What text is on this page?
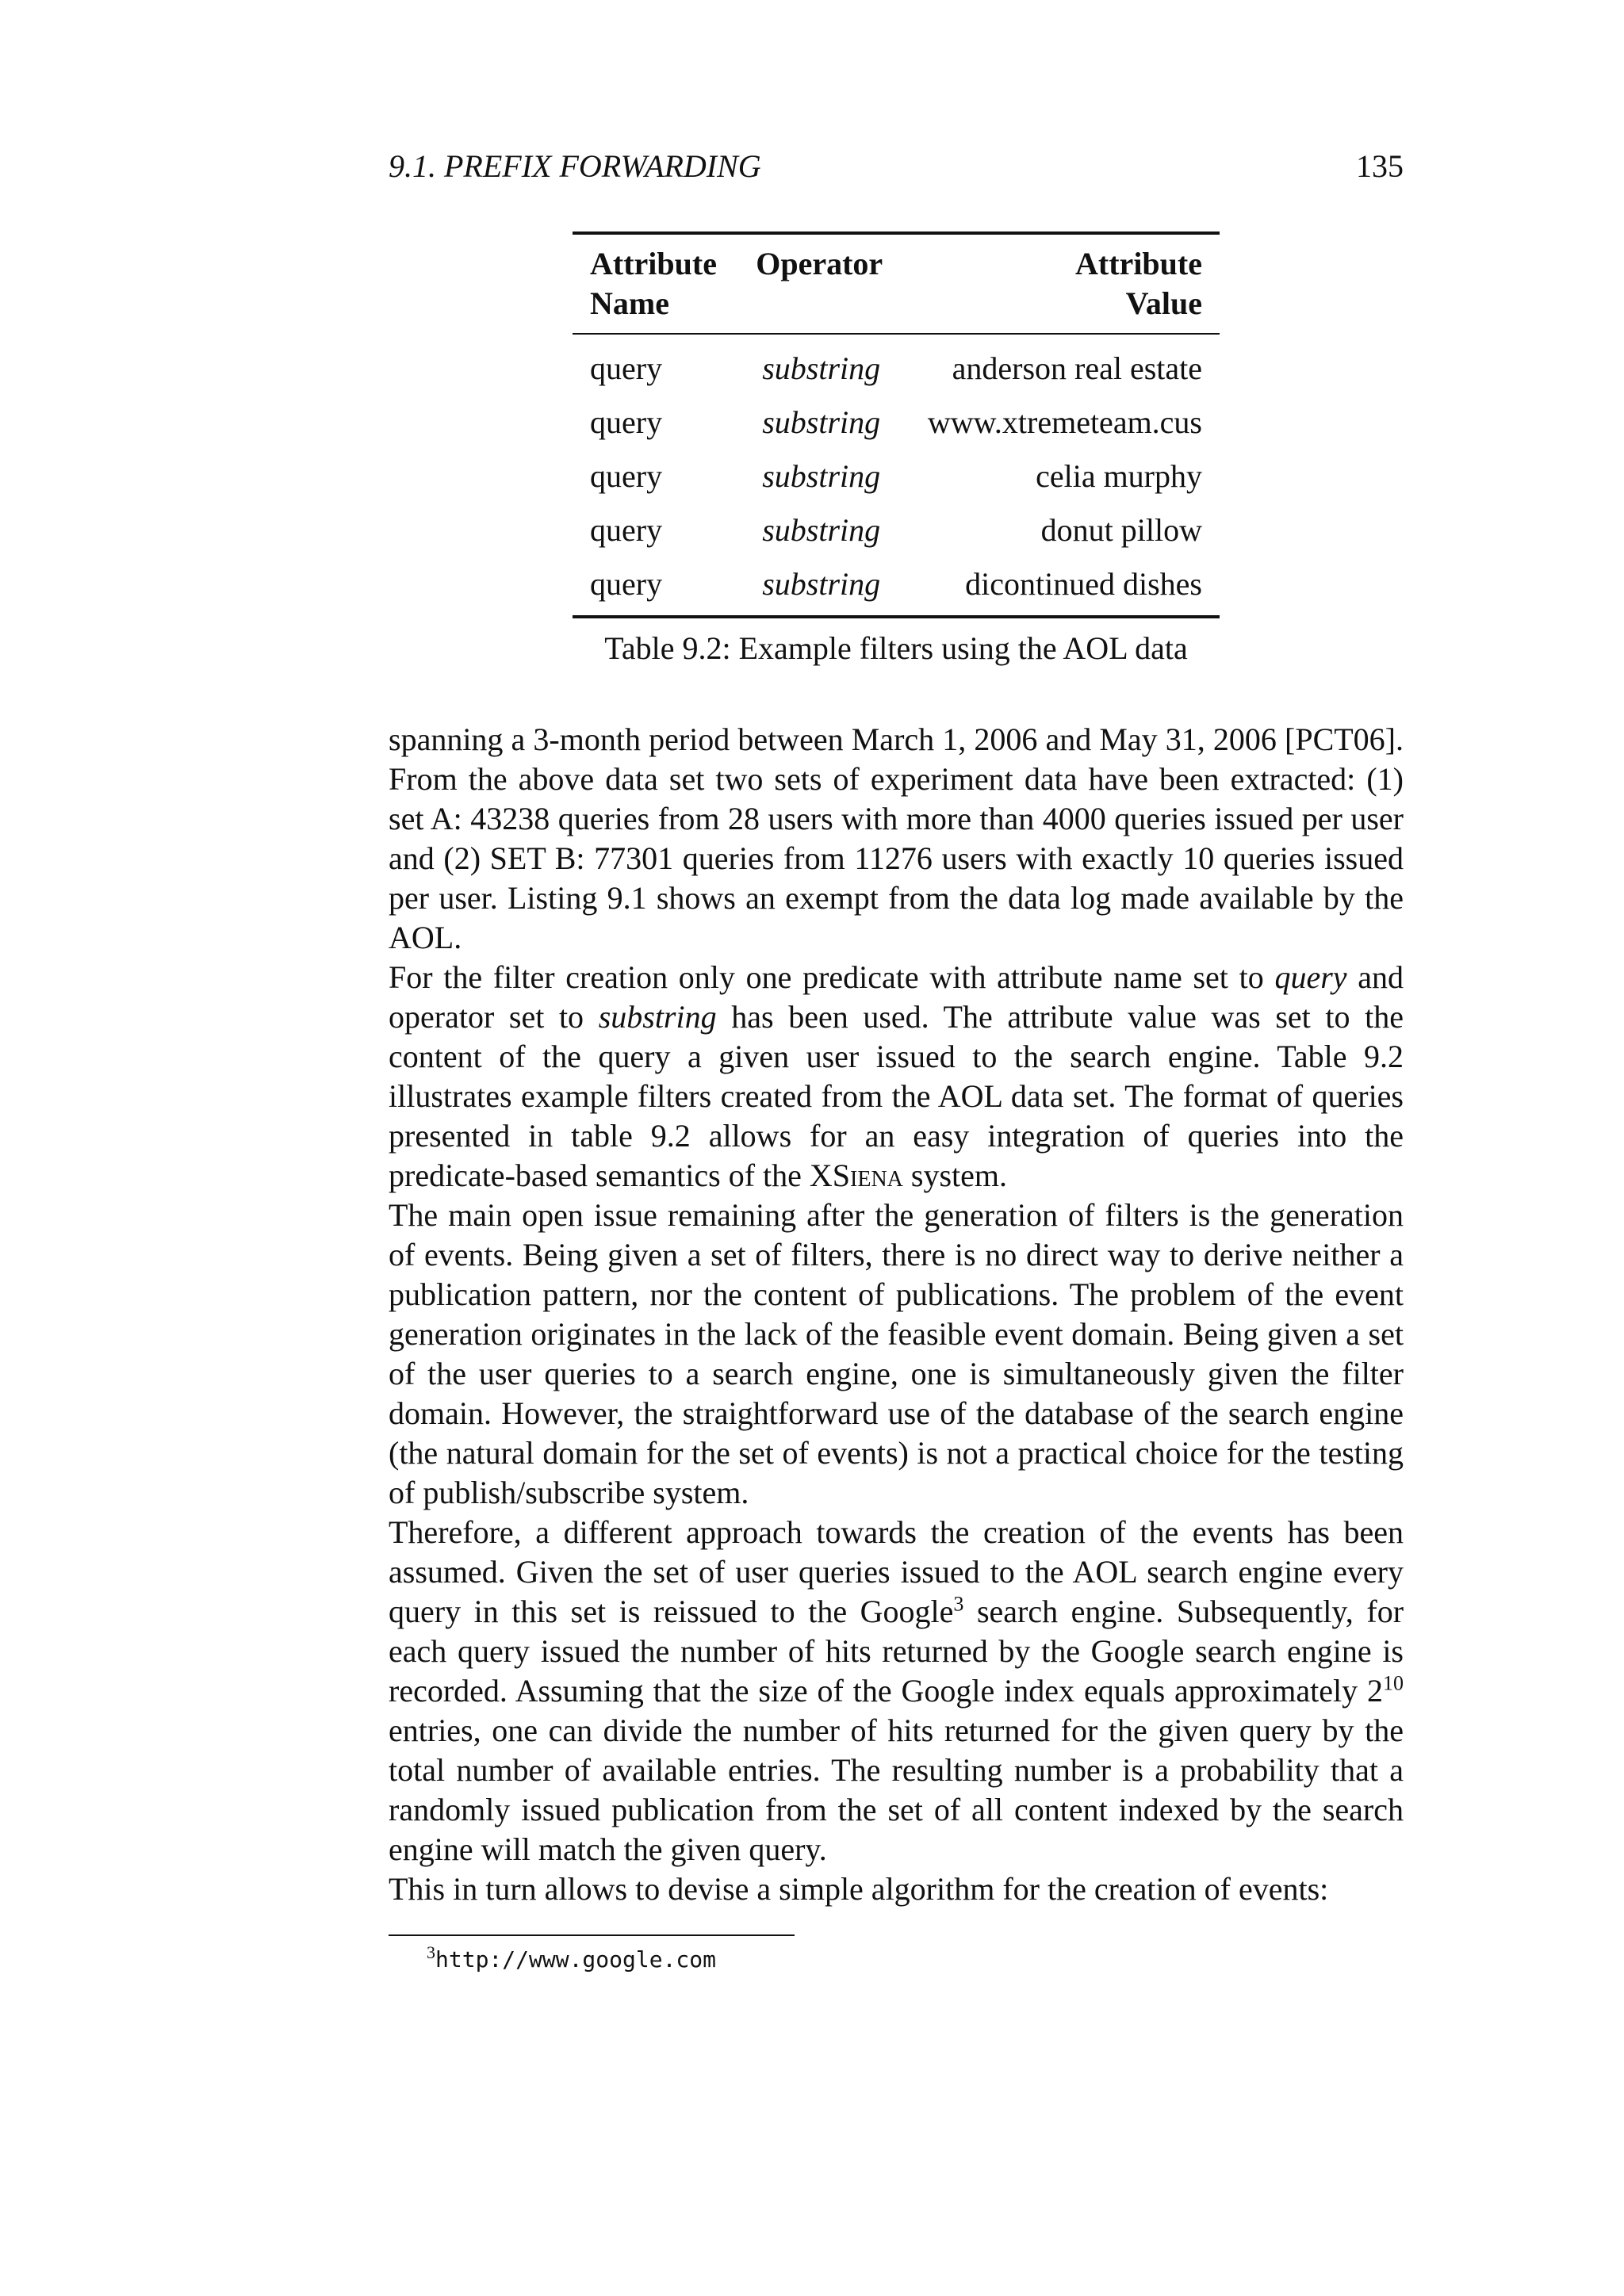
9.1. PREFIX FORWARDING	135
Attribute
Name	Operator	Attribute
Value
query	substring	anderson real estate
query	substring	www.xtremeteam.cus
query	substring	celia murphy
query	substring	donut pillow
query	substring	dicontinued dishes
Table 9.2: Example filters using the AOL data

spanning a 3-month period between March 1, 2006 and May 31, 2006 [PCT06]. From the above data set two sets of experiment data have been extracted: (1) set A: 43238 queries from 28 users with more than 4000 queries issued per user and (2) SET B: 77301 queries from 11276 users with exactly 10 queries issued per user. Listing 9.1 shows an exempt from the data log made available by the AOL.

For the filter creation only one predicate with attribute name set to query and operator set to substring has been used. The attribute value was set to the content of the query a given user issued to the search engine. Table 9.2 illustrates example filters created from the AOL data set. The format of queries presented in table 9.2 allows for an easy integration of queries into the predicate-based semantics of the XSiena system.

The main open issue remaining after the generation of filters is the generation of events. Being given a set of filters, there is no direct way to derive neither a publication pattern, nor the content of publications. The problem of the event generation originates in the lack of the feasible event domain. Being given a set of the user queries to a search engine, one is simultaneously given the filter domain. However, the straightforward use of the database of the search engine (the natural domain for the set of events) is not a practical choice for the testing of publish/subscribe system.

Therefore, a different approach towards the creation of the events has been assumed. Given the set of user queries issued to the AOL search engine every query in this set is reissued to the Google$^3$ search engine. Subsequently, for each query issued the number of hits returned by the Google search engine is recorded. Assuming that the size of the Google index equals approximately $2^{10}$ entries, one can divide the number of hits returned for the given query by the total number of available entries. The resulting number is a probability that a randomly issued publication from the set of all content indexed by the search engine will match the given query.

This in turn allows to devise a simple algorithm for the creation of events:

$^3$http://www.google.com
